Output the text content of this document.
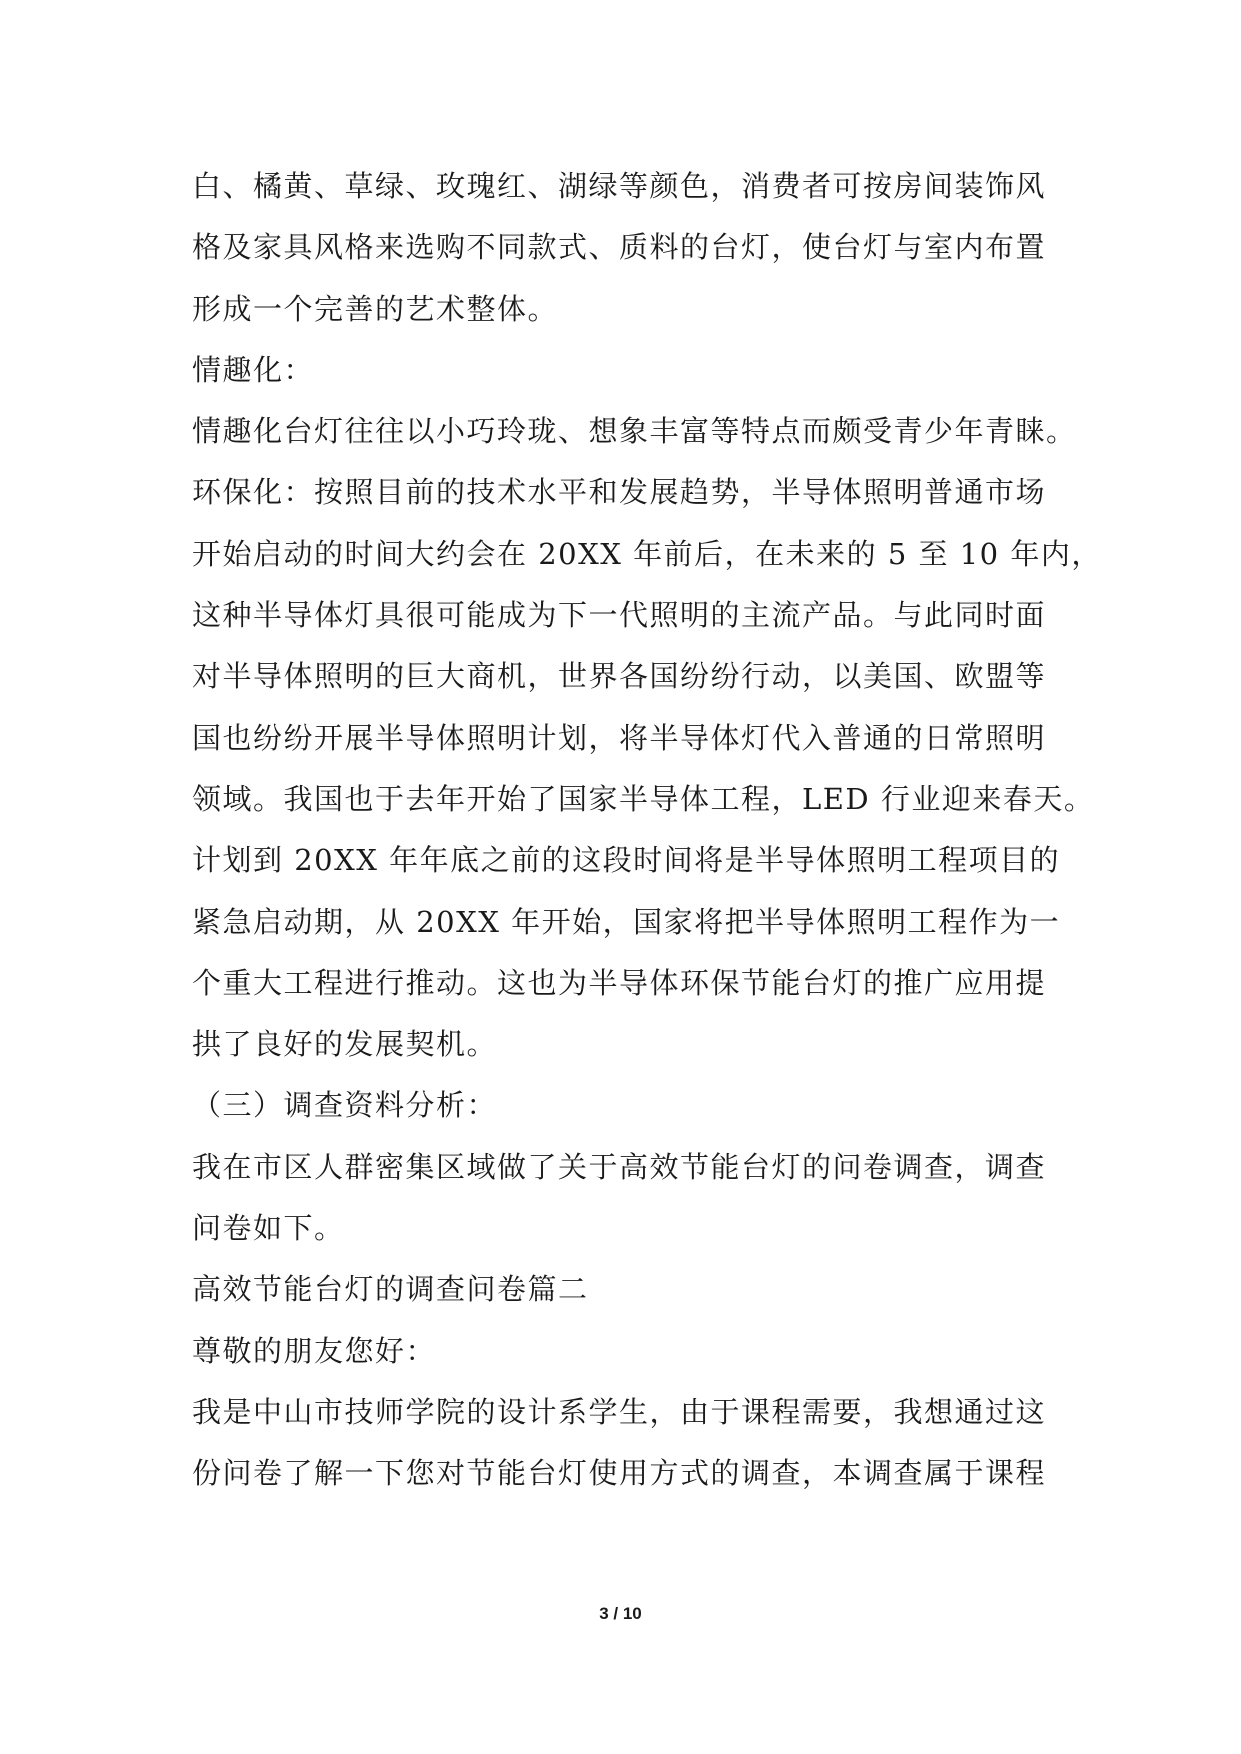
白、橘黄、草绿、玫瑰红、湖绿等颜色，消费者可按房间装饰风
格及家具风格来选购不同款式、质料的台灯，使台灯与室内布置
形成一个完善的艺术整体。
情趣化：
情趣化台灯往往以小巧玲珑、想象丰富等特点而颇受青少年青睐。
环保化：按照目前的技术水平和发展趋势，半导体照明普通市场
开始启动的时间大约会在 20XX 年前后，在未来的 5 至 10 年内，
这种半导体灯具很可能成为下一代照明的主流产品。与此同时面
对半导体照明的巨大商机，世界各国纷纷行动，以美国、欧盟等
国也纷纷开展半导体照明计划，将半导体灯代入普通的日常照明
领域。我国也于去年开始了国家半导体工程，LED 行业迎来春天。
计划到 20XX 年年底之前的这段时间将是半导体照明工程项目的
紧急启动期，从 20XX 年开始，国家将把半导体照明工程作为一
个重大工程进行推动。这也为半导体环保节能台灯的推广应用提
拱了良好的发展契机。
（三）调查资料分析：
我在市区人群密集区域做了关于高效节能台灯的问卷调查，调查
问卷如下。
高效节能台灯的调查问卷篇二
尊敬的朋友您好：
我是中山市技师学院的设计系学生，由于课程需要，我想通过这
份问卷了解一下您对节能台灯使用方式的调查，本调查属于课程
3 / 10
